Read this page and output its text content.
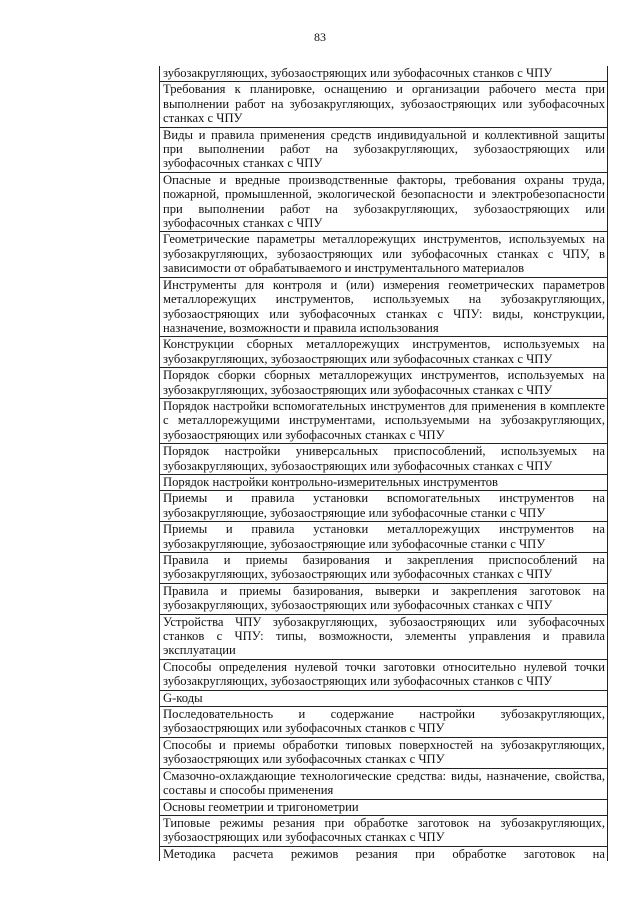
83
зубозакругляющих, зубозаостряющих или зубофасочных станков с ЧПУ
Требования к планировке, оснащению и организации рабочего места при выполнении работ на зубозакругляющих, зубозаостряющих или зубофасочных станках с ЧПУ
Виды и правила применения средств индивидуальной и коллективной защиты при выполнении работ на зубозакругляющих, зубозаостряющих или зубофасочных станках с ЧПУ
Опасные и вредные производственные факторы, требования охраны труда, пожарной, промышленной, экологической безопасности и электробезопасности при выполнении работ на зубозакругляющих, зубозаостряющих или зубофасочных станках с ЧПУ
Геометрические параметры металлорежущих инструментов, используемых на зубозакругляющих, зубозаостряющих или зубофасочных станках с ЧПУ, в зависимости от обрабатываемого и инструментального материалов
Инструменты для контроля и (или) измерения геометрических параметров металлорежущих инструментов, используемых на зубозакругляющих, зубозаостряющих или зубофасочных станках с ЧПУ: виды, конструкции, назначение, возможности и правила использования
Конструкции сборных металлорежущих инструментов, используемых на зубозакругляющих, зубозаостряющих или зубофасочных станках с ЧПУ
Порядок сборки сборных металлорежущих инструментов, используемых на зубозакругляющих, зубозаостряющих или зубофасочных станках с ЧПУ
Порядок настройки вспомогательных инструментов для применения в комплекте с металлорежущими инструментами, используемыми на зубозакругляющих, зубозаостряющих или зубофасочных станках с ЧПУ
Порядок настройки универсальных приспособлений, используемых на зубозакругляющих, зубозаостряющих или зубофасочных станках с ЧПУ
Порядок настройки контрольно-измерительных инструментов
Приемы и правила установки вспомогательных инструментов на зубозакругляющие, зубозаостряющие или зубофасочные станки с ЧПУ
Приемы и правила установки металлорежущих инструментов на зубозакругляющие, зубозаостряющие или зубофасочные станки с ЧПУ
Правила и приемы базирования и закрепления приспособлений на зубозакругляющих, зубозаостряющих или зубофасочных станках с ЧПУ
Правила и приемы базирования, выверки и закрепления заготовок на зубозакругляющих, зубозаостряющих или зубофасочных станках с ЧПУ
Устройства ЧПУ зубозакругляющих, зубозаостряющих или зубофасочных станков с ЧПУ: типы, возможности, элементы управления и правила эксплуатации
Способы определения нулевой точки заготовки относительно нулевой точки зубозакругляющих, зубозаостряющих или зубофасочных станков с ЧПУ
G-коды
Последовательность и содержание настройки зубозакругляющих, зубозаостряющих или зубофасочных станков с ЧПУ
Способы и приемы обработки типовых поверхностей на зубозакругляющих, зубозаостряющих или зубофасочных станках с ЧПУ
Смазочно-охлаждающие технологические средства: виды, назначение, свойства, составы и способы применения
Основы геометрии и тригонометрии
Типовые режимы резания при обработке заготовок на зубозакругляющих, зубозаостряющих или зубофасочных станках с ЧПУ
Методика расчета режимов резания при обработке заготовок на
